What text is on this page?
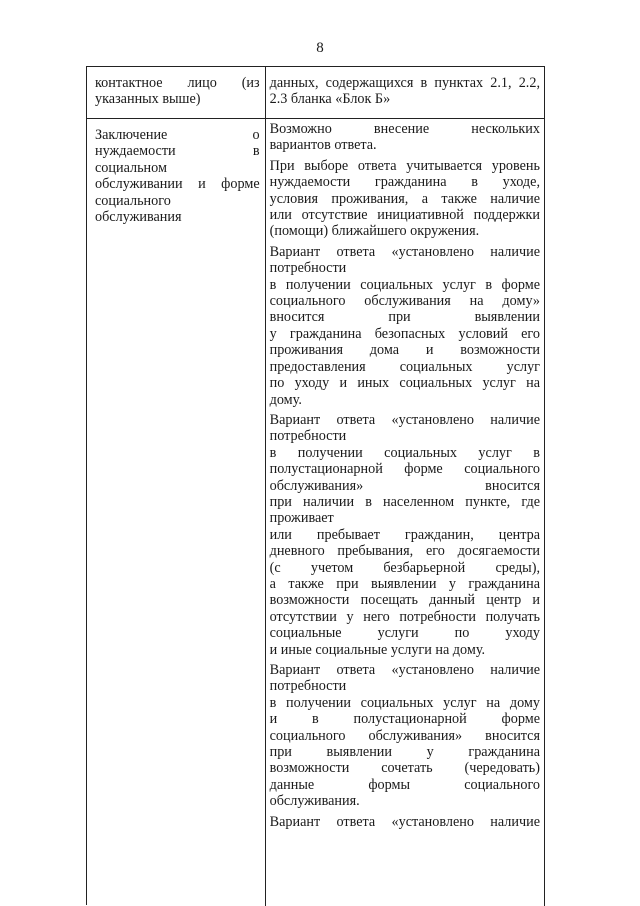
8
контактное лицо (из
указанных выше)
данных, содержащихся в пунктах 2.1, 2.2,
2.3 бланка «Блок Б»
Заключение о
нуждаемости в
социальном
обслуживании и форме
социального
обслуживания
Возможно внесение нескольких
вариантов ответа.
При выборе ответа учитывается уровень
нуждаемости гражданина в уходе,
условия проживания, а также наличие
или отсутствие инициативной поддержки
(помощи) ближайшего окружения.
Вариант ответа «установлено наличие
потребности
в получении социальных услуг в форме
социального обслуживания на дому»
вносится при выявлении
у гражданина безопасных условий его
проживания дома и возможности
предоставления социальных услуг
по уходу и иных социальных услуг на
дому.
Вариант ответа «установлено наличие
потребности
в получении социальных услуг в
полустационарной форме социального
обслуживания» вносится
при наличии в населенном пункте, где
проживает
или пребывает гражданин, центра
дневного пребывания, его досягаемости
(с учетом безбарьерной среды),
а также при выявлении у гражданина
возможности посещать данный центр и
отсутствии у него потребности получать
социальные услуги по уходу
и иные социальные услуги на дому.
Вариант ответа «установлено наличие
потребности
в получении социальных услуг на дому
и в полустационарной форме
социального обслуживания» вносится
при выявлении у гражданина
возможности сочетать (чередовать)
данные формы социального
обслуживания.
Вариант ответа «установлено наличие
